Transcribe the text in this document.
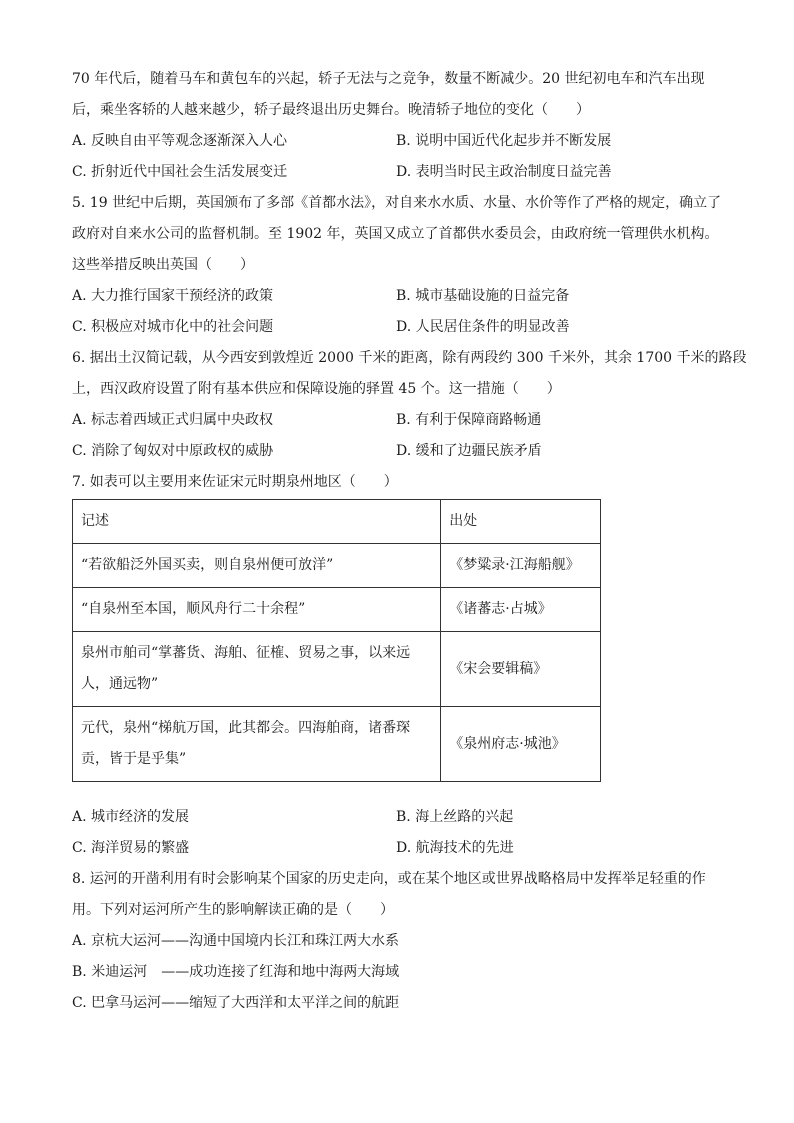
70 年代后，随着马车和黄包车的兴起，轿子无法与之竞争，数量不断减少。20 世纪初电车和汽车出现

后，乘坐客轿的人越来越少，轿子最终退出历史舞台。晚清轿子地位的变化（　　）

A. 反映自由平等观念逐渐深入人心	B. 说明中国近代化起步并不断发展
C. 折射近代中国社会生活发展变迁	D. 表明当时民主政治制度日益完善

5. 19 世纪中后期，英国颁布了多部《首都水法》，对自来水水质、水量、水价等作了严格的规定，确立了

政府对自来水公司的监督机制。至 1902 年，英国又成立了首都供水委员会，由政府统一管理供水机构。

这些举措反映出英国（　　）

A. 大力推行国家干预经济的政策	B. 城市基础设施的日益完备
C. 积极应对城市化中的社会问题	D. 人民居住条件的明显改善

6. 据出土汉简记载，从今西安到敦煌近 2000 千米的距离，除有两段约 300 千米外，其余 1700 千米的路段

上，西汉政府设置了附有基本供应和保障设施的驿置 45 个。这一措施（　　）

A. 标志着西域正式归属中央政权	B. 有利于保障商路畅通
C. 消除了匈奴对中原政权的威胁	D. 缓和了边疆民族矛盾

7. 如表可以主要用来佐证宋元时期泉州地区（　　）

记述	出处
“若欲船泛外国买卖，则自泉州便可放洋”	《梦粱录·江海船舰》
“自泉州至本国，顺风舟行二十余程”	《诸蕃志·占城》
泉州市舶司“掌蕃货、海舶、征榷、贸易之事，以来远人，通远物”	《宋会要辑稿》
元代，泉州“梯航万国，此其都会。四海舶商，诸番琛贡，皆于是乎集”	《泉州府志·城池》
A. 城市经济的发展	B. 海上丝路的兴起
C. 海洋贸易的繁盛	D. 航海技术的先进

8. 运河的开凿利用有时会影响某个国家的历史走向，或在某个地区或世界战略格局中发挥举足轻重的作

用。下列对运河所产生的影响解读正确的是（　　）

A. 京杭大运河——沟通中国境内长江和珠江两大水系

B. 米迪运河　——成功连接了红海和地中海两大海域

C. 巴拿马运河——缩短了大西洋和太平洋之间的航距
